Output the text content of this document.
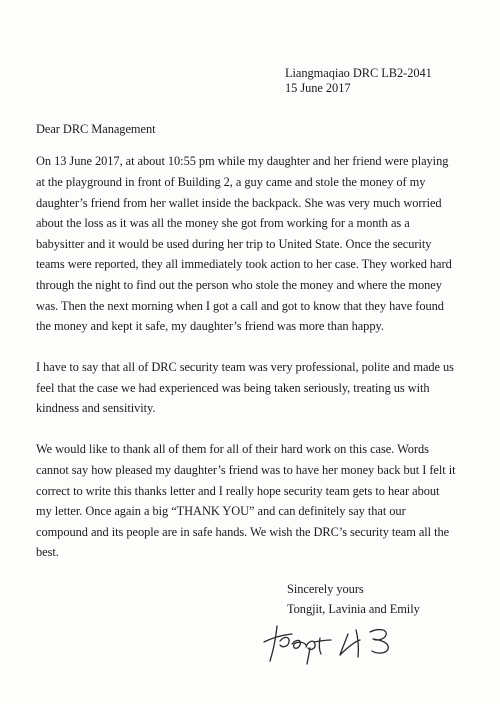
Liangmaqiao DRC LB2-2041
15 June 2017
Dear DRC Management
On 13 June 2017, at about 10:55 pm while my daughter and her friend were playing
at the playground in front of Building 2, a guy came and stole the money of my
daughter’s friend from her wallet inside the backpack. She was very much worried
about the loss as it was all the money she got from working for a month as a
babysitter and it would be used during her trip to United State. Once the security
teams were reported, they all immediately took action to her case. They worked hard
through the night to find out the person who stole the money and where the money
was. Then the next morning when I got a call and got to know that they have found
the money and kept it safe, my daughter’s friend was more than happy.
I have to say that all of DRC security team was very professional, polite and made us
feel that the case we had experienced was being taken seriously, treating us with
kindness and sensitivity.
We would like to thank all of them for all of their hard work on this case. Words
cannot say how pleased my daughter’s friend was to have her money back but I felt it
correct to write this thanks letter and I really hope security team gets to hear about
my letter. Once again a big “THANK YOU” and can definitely say that our
compound and its people are in safe hands. We wish the DRC’s security team all the
best.
Sincerely yours
Tongjit, Lavinia and Emily
